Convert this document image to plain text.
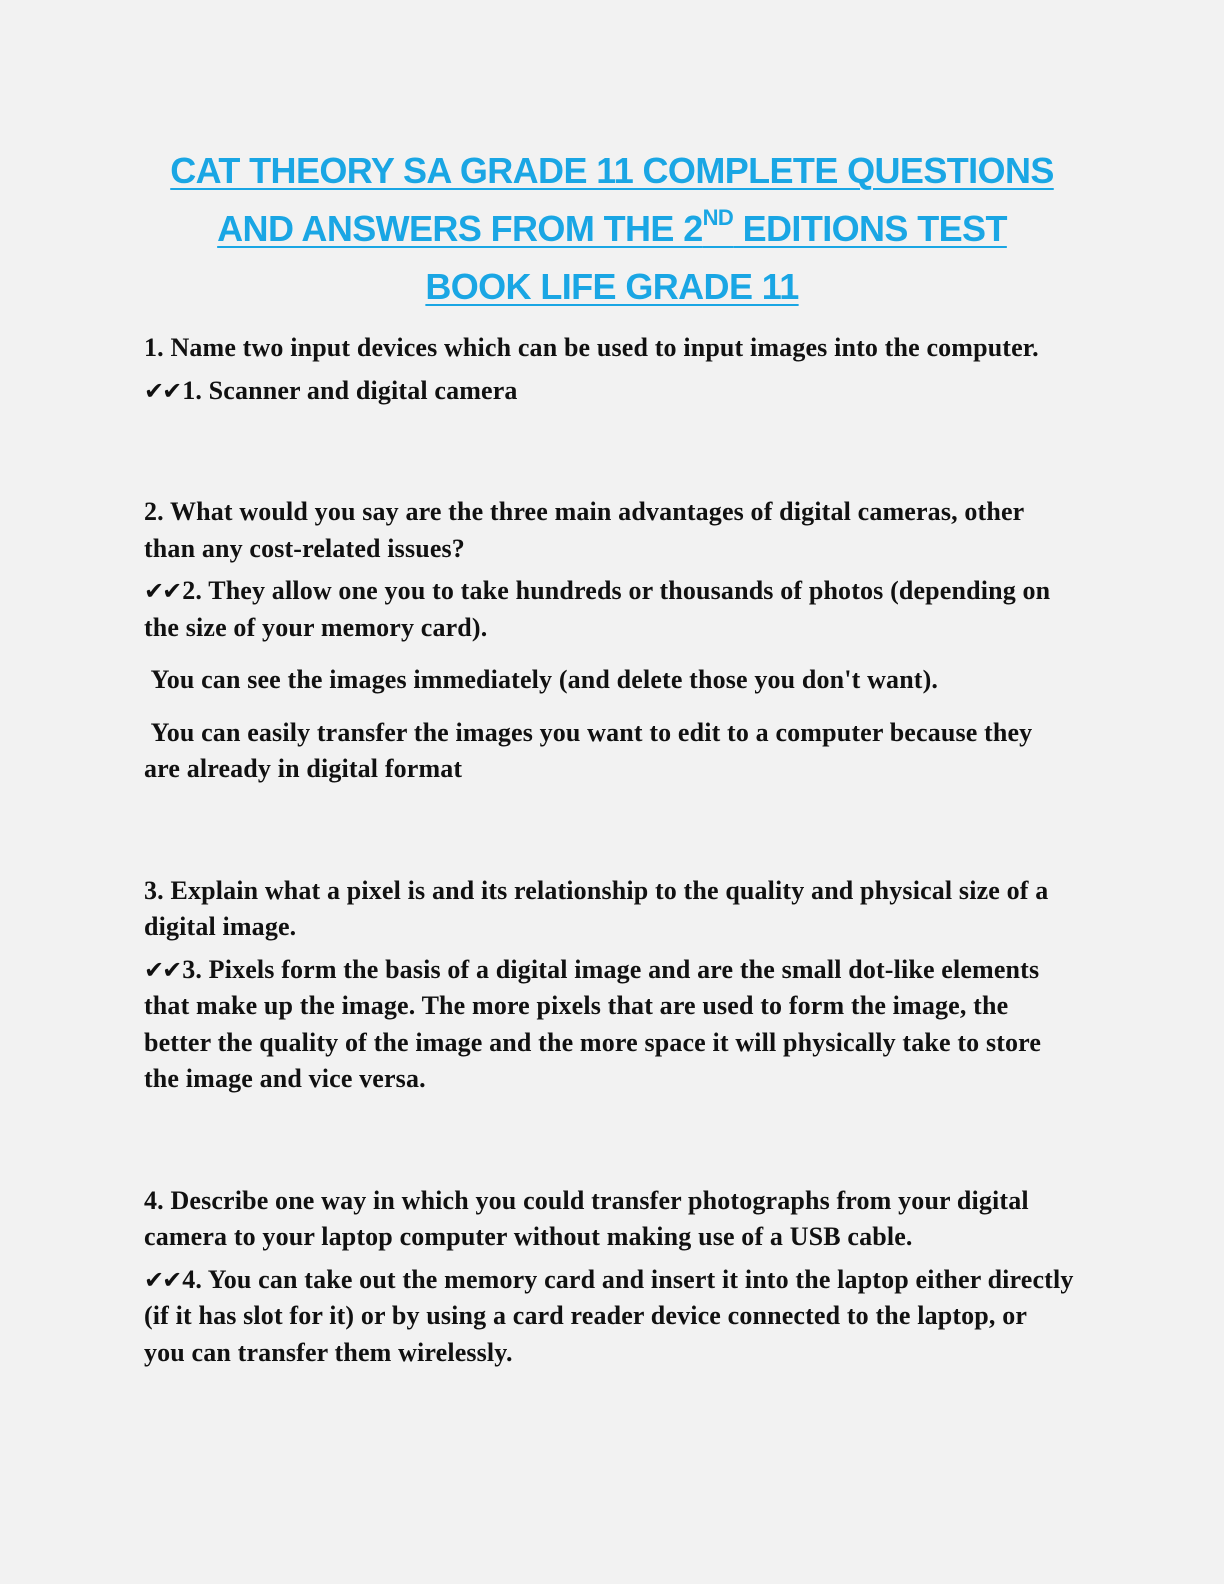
CAT THEORY SA GRADE 11 COMPLETE QUESTIONS
AND ANSWERS FROM THE 2ND EDITIONS TEST
BOOK LIFE GRADE 11

1. Name two input devices which can be used to input images into the computer.

✔✔1. Scanner and digital camera

2. What would you say are the three main advantages of digital cameras, other than any cost-related issues?

✔✔2. They allow one you to take hundreds or thousands of photos (depending on the size of your memory card).

You can see the images immediately (and delete those you don't want).

You can easily transfer the images you want to edit to a computer because they are already in digital format

3. Explain what a pixel is and its relationship to the quality and physical size of a digital image.

✔✔3. Pixels form the basis of a digital image and are the small dot-like elements that make up the image. The more pixels that are used to form the image, the better the quality of the image and the more space it will physically take to store the image and vice versa.

4. Describe one way in which you could transfer photographs from your digital camera to your laptop computer without making use of a USB cable.

✔✔4. You can take out the memory card and insert it into the laptop either directly (if it has slot for it) or by using a card reader device connected to the laptop, or you can transfer them wirelessly.
